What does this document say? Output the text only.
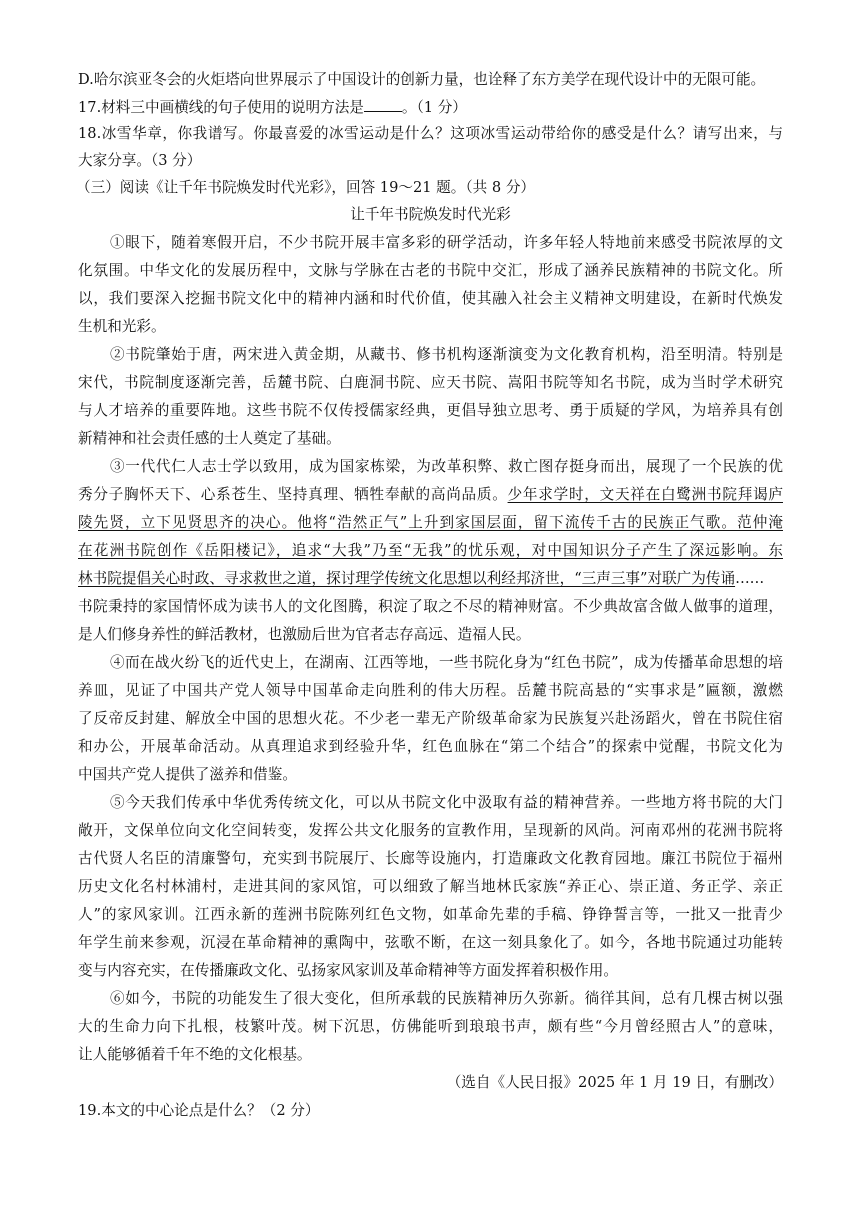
D.哈尔滨亚冬会的火炬塔向世界展示了中国设计的创新力量，也诠释了东方美学在现代设计中的无限可能。
17.材料三中画横线的句子使用的说明方法是	。（1 分）
18.冰雪华章，你我谱写。你最喜爱的冰雪运动是什么？这项冰雪运动带给你的感受是什么？请写出来，与
大家分享。（3 分）
（三）阅读《让千年书院焕发时代光彩》，回答 19～21 题。（共 8 分）
让千年书院焕发时代光彩
①眼下，随着寒假开启，不少书院开展丰富多彩的研学活动，许多年轻人特地前来感受书院浓厚的文
化氛围。中华文化的发展历程中，文脉与学脉在古老的书院中交汇，形成了涵养民族精神的书院文化。所
以，我们要深入挖掘书院文化中的精神内涵和时代价值，使其融入社会主义精神文明建设，在新时代焕发
生机和光彩。
②书院肇始于唐，两宋进入黄金期，从藏书、修书机构逐渐演变为文化教育机构，沿至明清。特别是
宋代，书院制度逐渐完善，岳麓书院、白鹿洞书院、应天书院、嵩阳书院等知名书院，成为当时学术研究
与人才培养的重要阵地。这些书院不仅传授儒家经典，更倡导独立思考、勇于质疑的学风，为培养具有创
新精神和社会责任感的士人奠定了基础。
③一代代仁人志士学以致用，成为国家栋梁，为改革积弊、救亡图存挺身而出，展现了一个民族的优
秀分子胸怀天下、心系苍生、坚持真理、牺牲奉献的高尚品质。少年求学时，文天祥在白鹭洲书院拜谒庐
陵先贤，立下见贤思齐的决心。他将“浩然正气”上升到家国层面，留下流传千古的民族正气歌。范仲淹
在花洲书院创作《岳阳楼记》，追求“大我”乃至“无我”的忧乐观，对中国知识分子产生了深远影响。东
林书院提倡关心时政、寻求救世之道，探讨理学传统文化思想以利经邦济世，“三声三事”对联广为传诵……
书院秉持的家国情怀成为读书人的文化图腾，积淀了取之不尽的精神财富。不少典故富含做人做事的道理，
是人们修身养性的鲜活教材，也激励后世为官者志存高远、造福人民。
④而在战火纷飞的近代史上，在湖南、江西等地，一些书院化身为“红色书院”，成为传播革命思想的培
养皿，见证了中国共产党人领导中国革命走向胜利的伟大历程。岳麓书院高悬的“实事求是”匾额，激燃
了反帝反封建、解放全中国的思想火花。不少老一辈无产阶级革命家为民族复兴赴汤蹈火，曾在书院住宿
和办公，开展革命活动。从真理追求到经验升华，红色血脉在“第二个结合”的探索中觉醒，书院文化为
中国共产党人提供了滋养和借鉴。
⑤今天我们传承中华优秀传统文化，可以从书院文化中汲取有益的精神营养。一些地方将书院的大门
敞开，文保单位向文化空间转变，发挥公共文化服务的宣教作用，呈现新的风尚。河南邓州的花洲书院将
古代贤人名臣的清廉警句，充实到书院展厅、长廊等设施内，打造廉政文化教育园地。廉江书院位于福州
历史文化名村林浦村，走进其间的家风馆，可以细致了解当地林氏家族“养正心、崇正道、务正学、亲正
人”的家风家训。江西永新的莲洲书院陈列红色文物，如革命先辈的手稿、铮铮誓言等，一批又一批青少
年学生前来参观，沉浸在革命精神的熏陶中，弦歌不断，在这一刻具象化了。如今，各地书院通过功能转
变与内容充实，在传播廉政文化、弘扬家风家训及革命精神等方面发挥着积极作用。
⑥如今，书院的功能发生了很大变化，但所承载的民族精神历久弥新。徜徉其间，总有几棵古树以强
大的生命力向下扎根，枝繁叶茂。树下沉思，仿佛能听到琅琅书声，颇有些“今月曾经照古人”的意味，
让人能够循着千年不绝的文化根基。
（选自《人民日报》2025 年 1 月 19 日，有删改）
19.本文的中心论点是什么？（2 分）
